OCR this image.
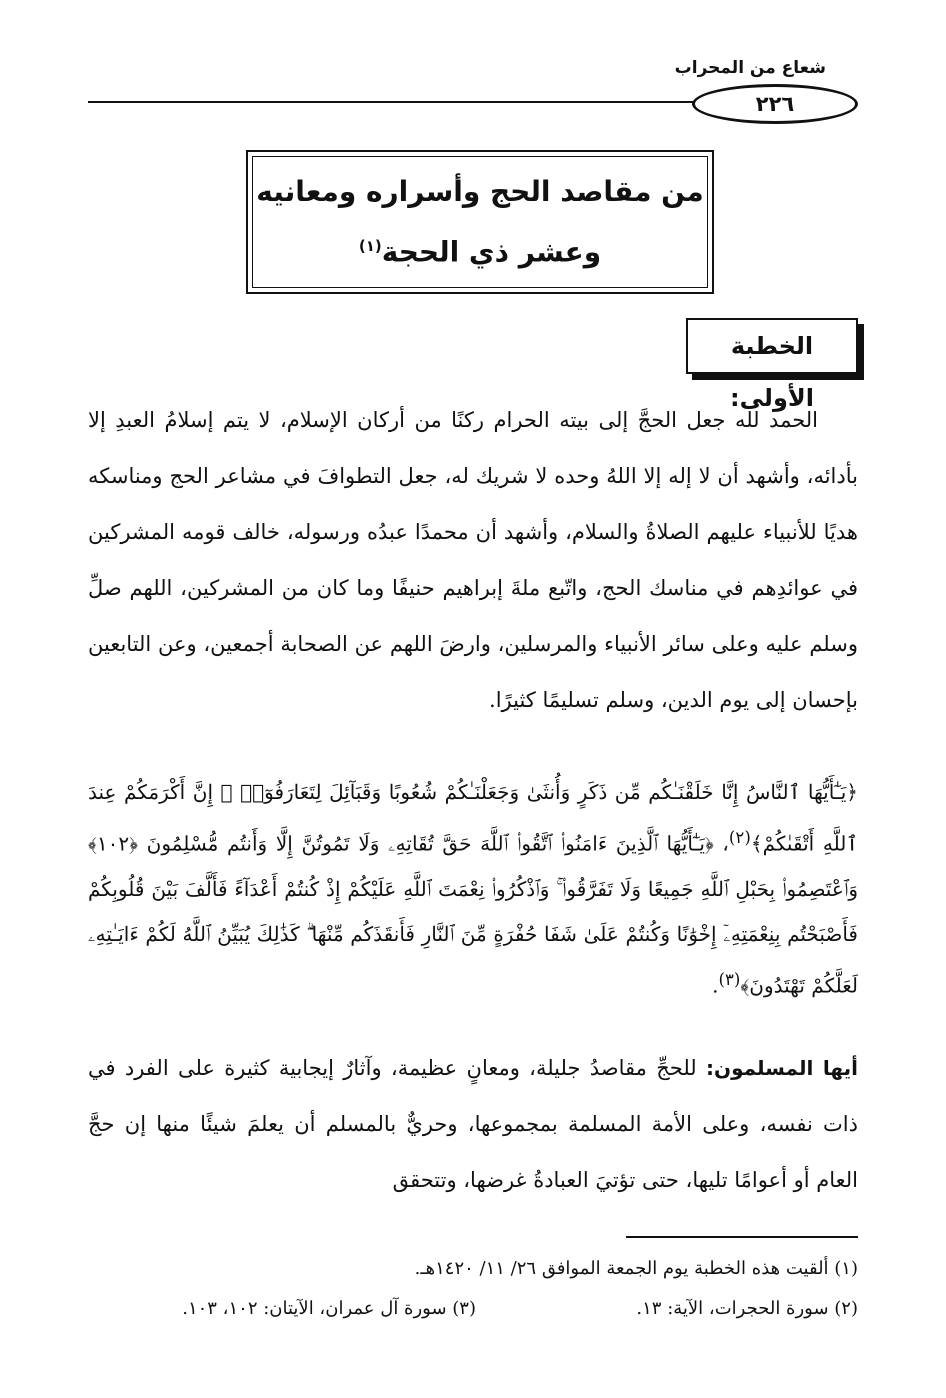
شعاع من المحراب
٢٢٦
من مقاصد الحج وأسراره ومعانيه
وعشر ذي الحجة$^{(١)}$
الخطبة الأولى:
الحمد لله جعل الحجَّ إلى بيته الحرام ركنًا من أركان الإسلام، لا يتم إسلامُ العبدِ إلا بأدائه، وأشهد أن لا إله إلا اللهُ وحده لا شريك له، جعل التطوافَ في مشاعر الحج ومناسكه هديًا للأنبياء عليهم الصلاةُ والسلام، وأشهد أن محمدًا عبدُه ورسوله، خالف قومه المشركين في عوائدِهم في مناسك الحج، واتّبع ملةَ إبراهيم حنيفًا وما كان من المشركين، اللهم صلِّ وسلم عليه وعلى سائر الأنبياء والمرسلين، وارضَ اللهم عن الصحابة أجمعين، وعن التابعين بإحسان إلى يوم الدين، وسلم تسليمًا كثيرًا.
﴿يَـٰٓأَيُّهَا ٱلنَّاسُ إِنَّا خَلَقْنَـٰكُم مِّن ذَكَرٍ وَأُنثَىٰ وَجَعَلْنَـٰكُمْ شُعُوبًا وَقَبَآئِلَ لِتَعَارَفُوٓا۟ ۚ إِنَّ أَكْرَمَكُمْ عِندَ ٱللَّهِ أَتْقَىٰكُمْ﴾$^{(٢)}$، ﴿يَـٰٓأَيُّهَا ٱلَّذِينَ ءَامَنُوا۟ ٱتَّقُوا۟ ٱللَّهَ حَقَّ تُقَاتِهِۦ وَلَا تَمُوتُنَّ إِلَّا وَأَنتُم مُّسْلِمُونَ ﴿١٠٢﴾ وَٱعْتَصِمُوا۟ بِحَبْلِ ٱللَّهِ جَمِيعًا وَلَا تَفَرَّقُوا۟ ۚ وَٱذْكُرُوا۟ نِعْمَتَ ٱللَّهِ عَلَيْكُمْ إِذْ كُنتُمْ أَعْدَآءً فَأَلَّفَ بَيْنَ قُلُوبِكُمْ فَأَصْبَحْتُم بِنِعْمَتِهِۦٓ إِخْوَٰنًا وَكُنتُمْ عَلَىٰ شَفَا حُفْرَةٍ مِّنَ ٱلنَّارِ فَأَنقَذَكُم مِّنْهَا ۗ كَذَٰلِكَ يُبَيِّنُ ٱللَّهُ لَكُمْ ءَايَـٰتِهِۦ لَعَلَّكُمْ تَهْتَدُونَ﴾$^{(٣)}$.
أيها المسلمون: للحجِّ مقاصدُ جليلة، ومعانٍ عظيمة، وآثارٌ إيجابية كثيرة على الفرد في ذات نفسه، وعلى الأمة المسلمة بمجموعها، وحريٌّ بالمسلم أن يعلمَ شيئًا منها إن حجَّ العام أو أعوامًا تليها، حتى تؤتيَ العبادةُ غرضها، وتتحقق
(١) ألقيت هذه الخطبة يوم الجمعة الموافق ٢٦/ ١١/ ١٤٢٠هـ.
(٢) سورة الحجرات، الآية: ١٣.
(٣) سورة آل عمران، الآيتان: ١٠٢، ١٠٣.
